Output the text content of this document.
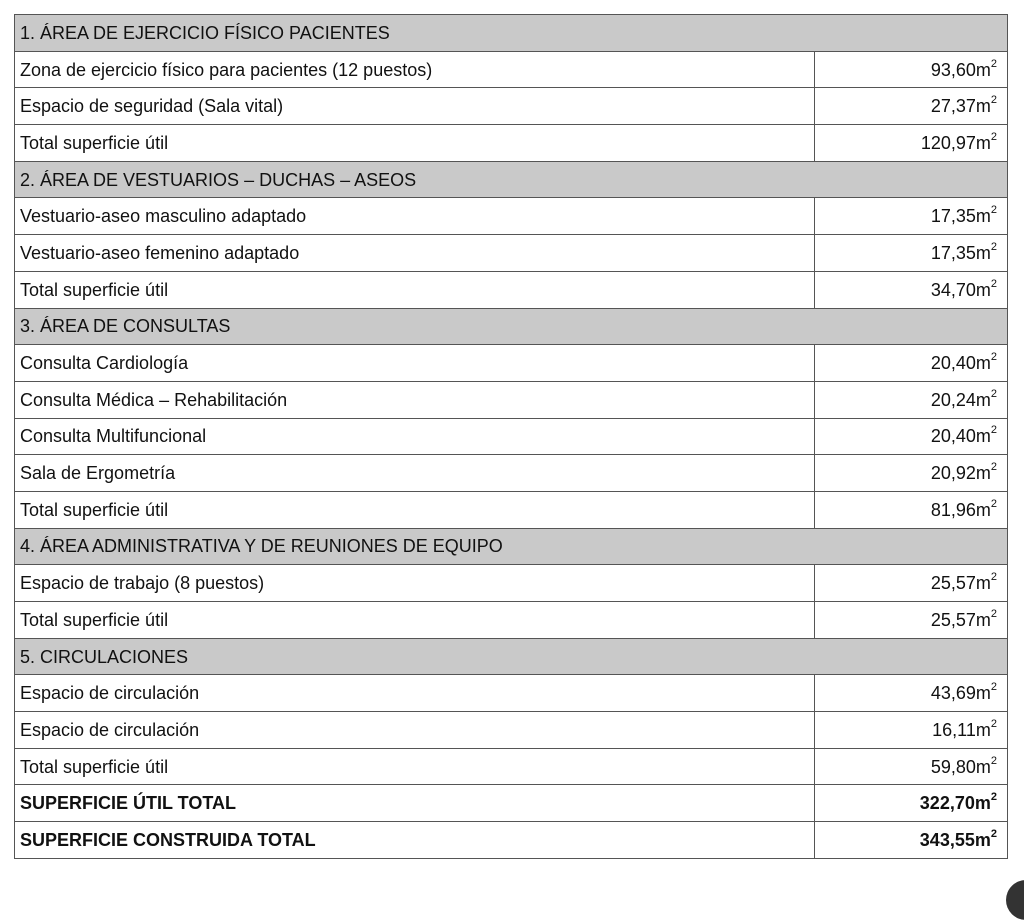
1. ÁREA DE EJERCICIO FÍSICO PACIENTES	
Zona de ejercicio físico para pacientes (12 puestos)	$93,60m^2$
Espacio de seguridad (Sala vital)	$27,37m^2$
Total superficie útil	$120,97m^2$
2. ÁREA DE VESTUARIOS – DUCHAS – ASEOS	
Vestuario-aseo masculino adaptado	$17,35m^2$
Vestuario-aseo femenino adaptado	$17,35m^2$
Total superficie útil	$34,70m^2$
3. ÁREA DE CONSULTAS	
Consulta Cardiología	$20,40m^2$
Consulta Médica – Rehabilitación	$20,24m^2$
Consulta Multifuncional	$20,40m^2$
Sala de Ergometría	$20,92m^2$
Total superficie útil	$81,96m^2$
4. ÁREA ADMINISTRATIVA Y DE REUNIONES DE EQUIPO	
Espacio de trabajo (8 puestos)	$25,57m^2$
Total superficie útil	$25,57m^2$
5. CIRCULACIONES	
Espacio de circulación	$43,69m^2$
Espacio de circulación	$16,11m^2$
Total superficie útil	$59,80m^2$
SUPERFICIE ÚTIL TOTAL	$322,70m^2$
SUPERFICIE CONSTRUIDA TOTAL	$343,55m^2$
